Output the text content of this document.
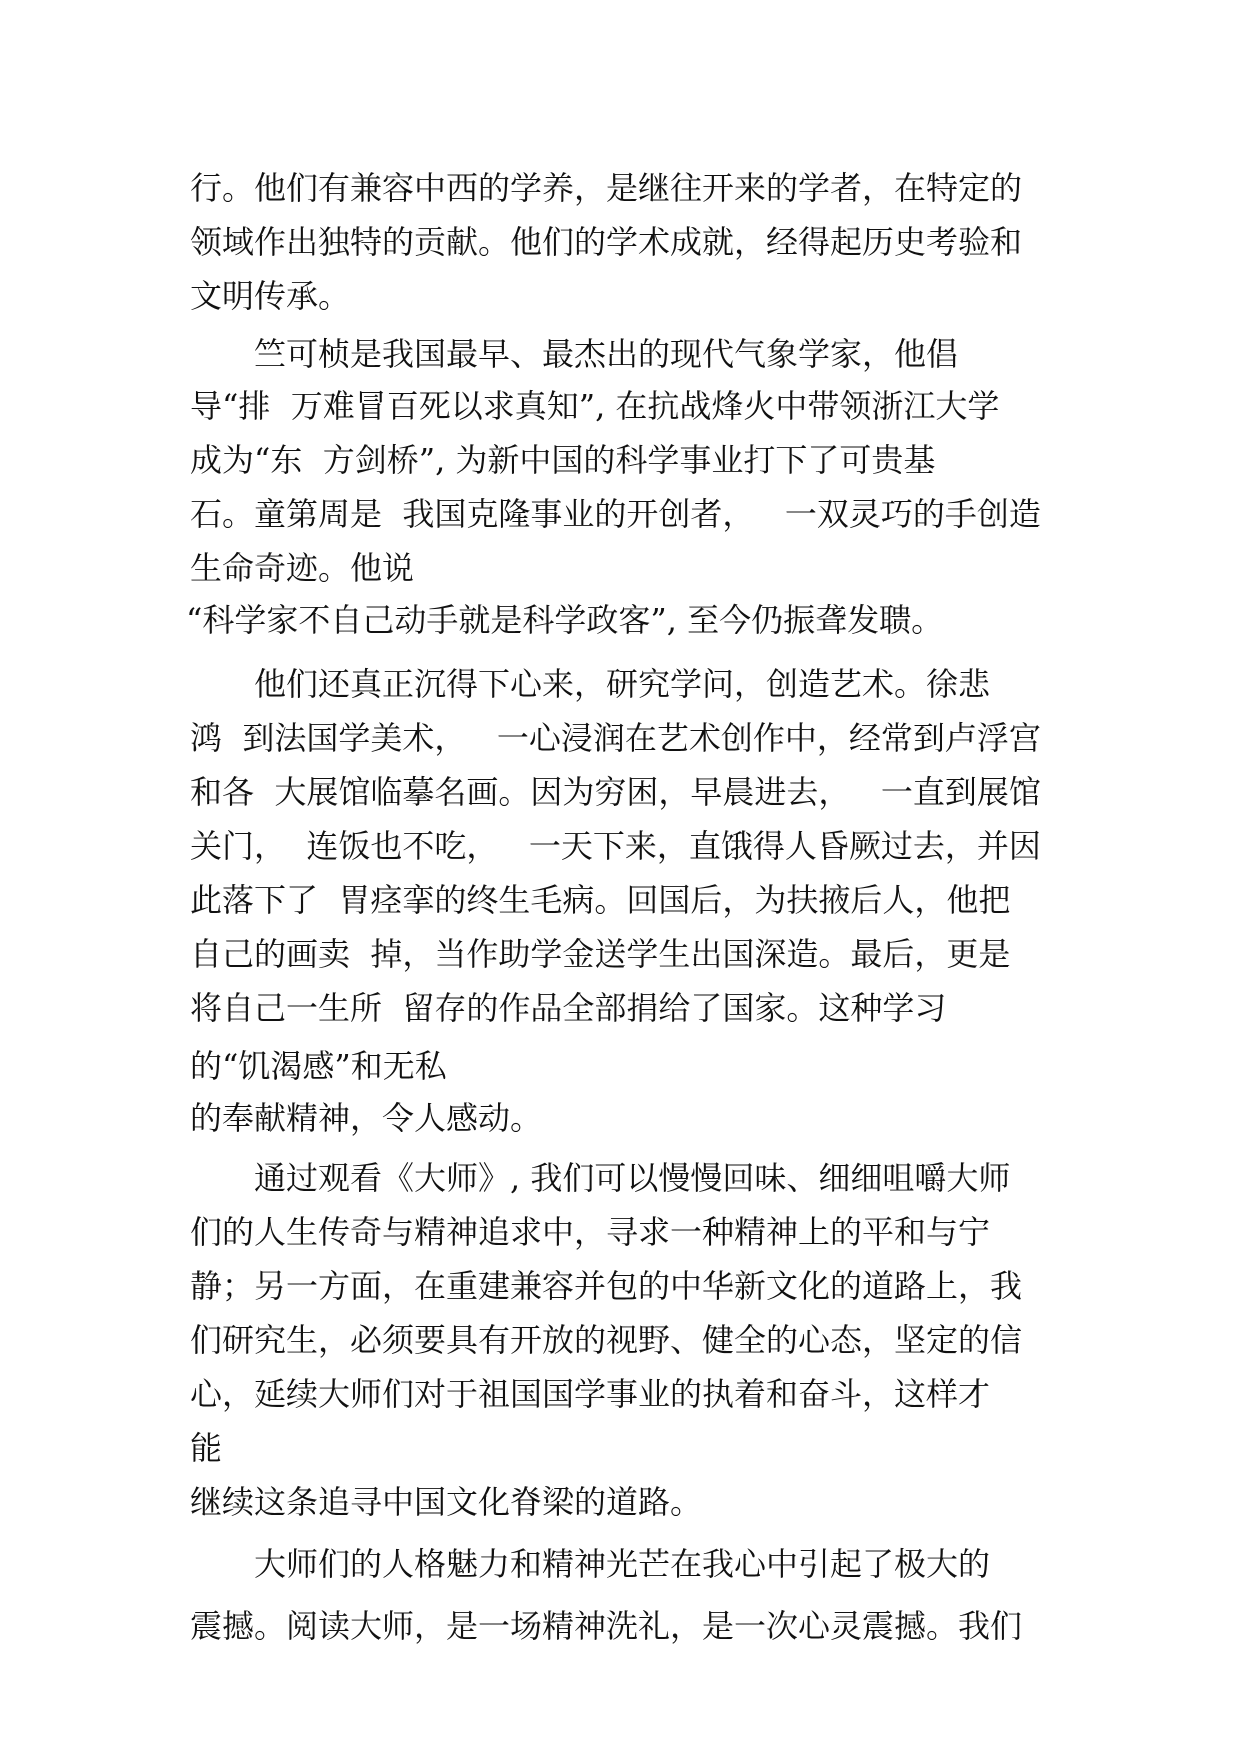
行。他们有兼容中西的学养，是继往开来的学者，在特定的
领域作出独特的贡献。他们的学术成就，经得起历史考验和
文明传承。
　　竺可桢是我国最早、最杰出的现代气象学家，他倡
导“排  万难冒百死以求真知”, 在抗战烽火中带领浙江大学
成为“东  方剑桥”, 为新中国的科学事业打下了可贵基
石。童第周是  我国克隆事业的开创者，   一双灵巧的手创造
生命奇迹。他说
“科学家不自己动手就是科学政客”, 至今仍振聋发聩。
　　他们还真正沉得下心来，研究学问，创造艺术。徐悲
鸿  到法国学美术，   一心浸润在艺术创作中，经常到卢浮宫
和各  大展馆临摹名画。因为穷困，早晨进去，   一直到展馆
关门，  连饭也不吃，   一天下来，直饿得人昏厥过去，并因
此落下了  胃痉挛的终生毛病。回国后，为扶掖后人，他把
自己的画卖  掉，当作助学金送学生出国深造。最后，更是
将自己一生所  留存的作品全部捐给了国家。这种学习
的“饥渴感”和无私
的奉献精神，令人感动。
　　通过观看《大师》, 我们可以慢慢回味、细细咀嚼大师
们的人生传奇与精神追求中，寻求一种精神上的平和与宁
静；另一方面，在重建兼容并包的中华新文化的道路上，我
们研究生，必须要具有开放的视野、健全的心态，坚定的信
心，延续大师们对于祖国国学事业的执着和奋斗，这样才
能
继续这条追寻中国文化脊梁的道路。
　　大师们的人格魅力和精神光芒在我心中引起了极大的
震撼。阅读大师，是一场精神洗礼，是一次心灵震撼。我们
